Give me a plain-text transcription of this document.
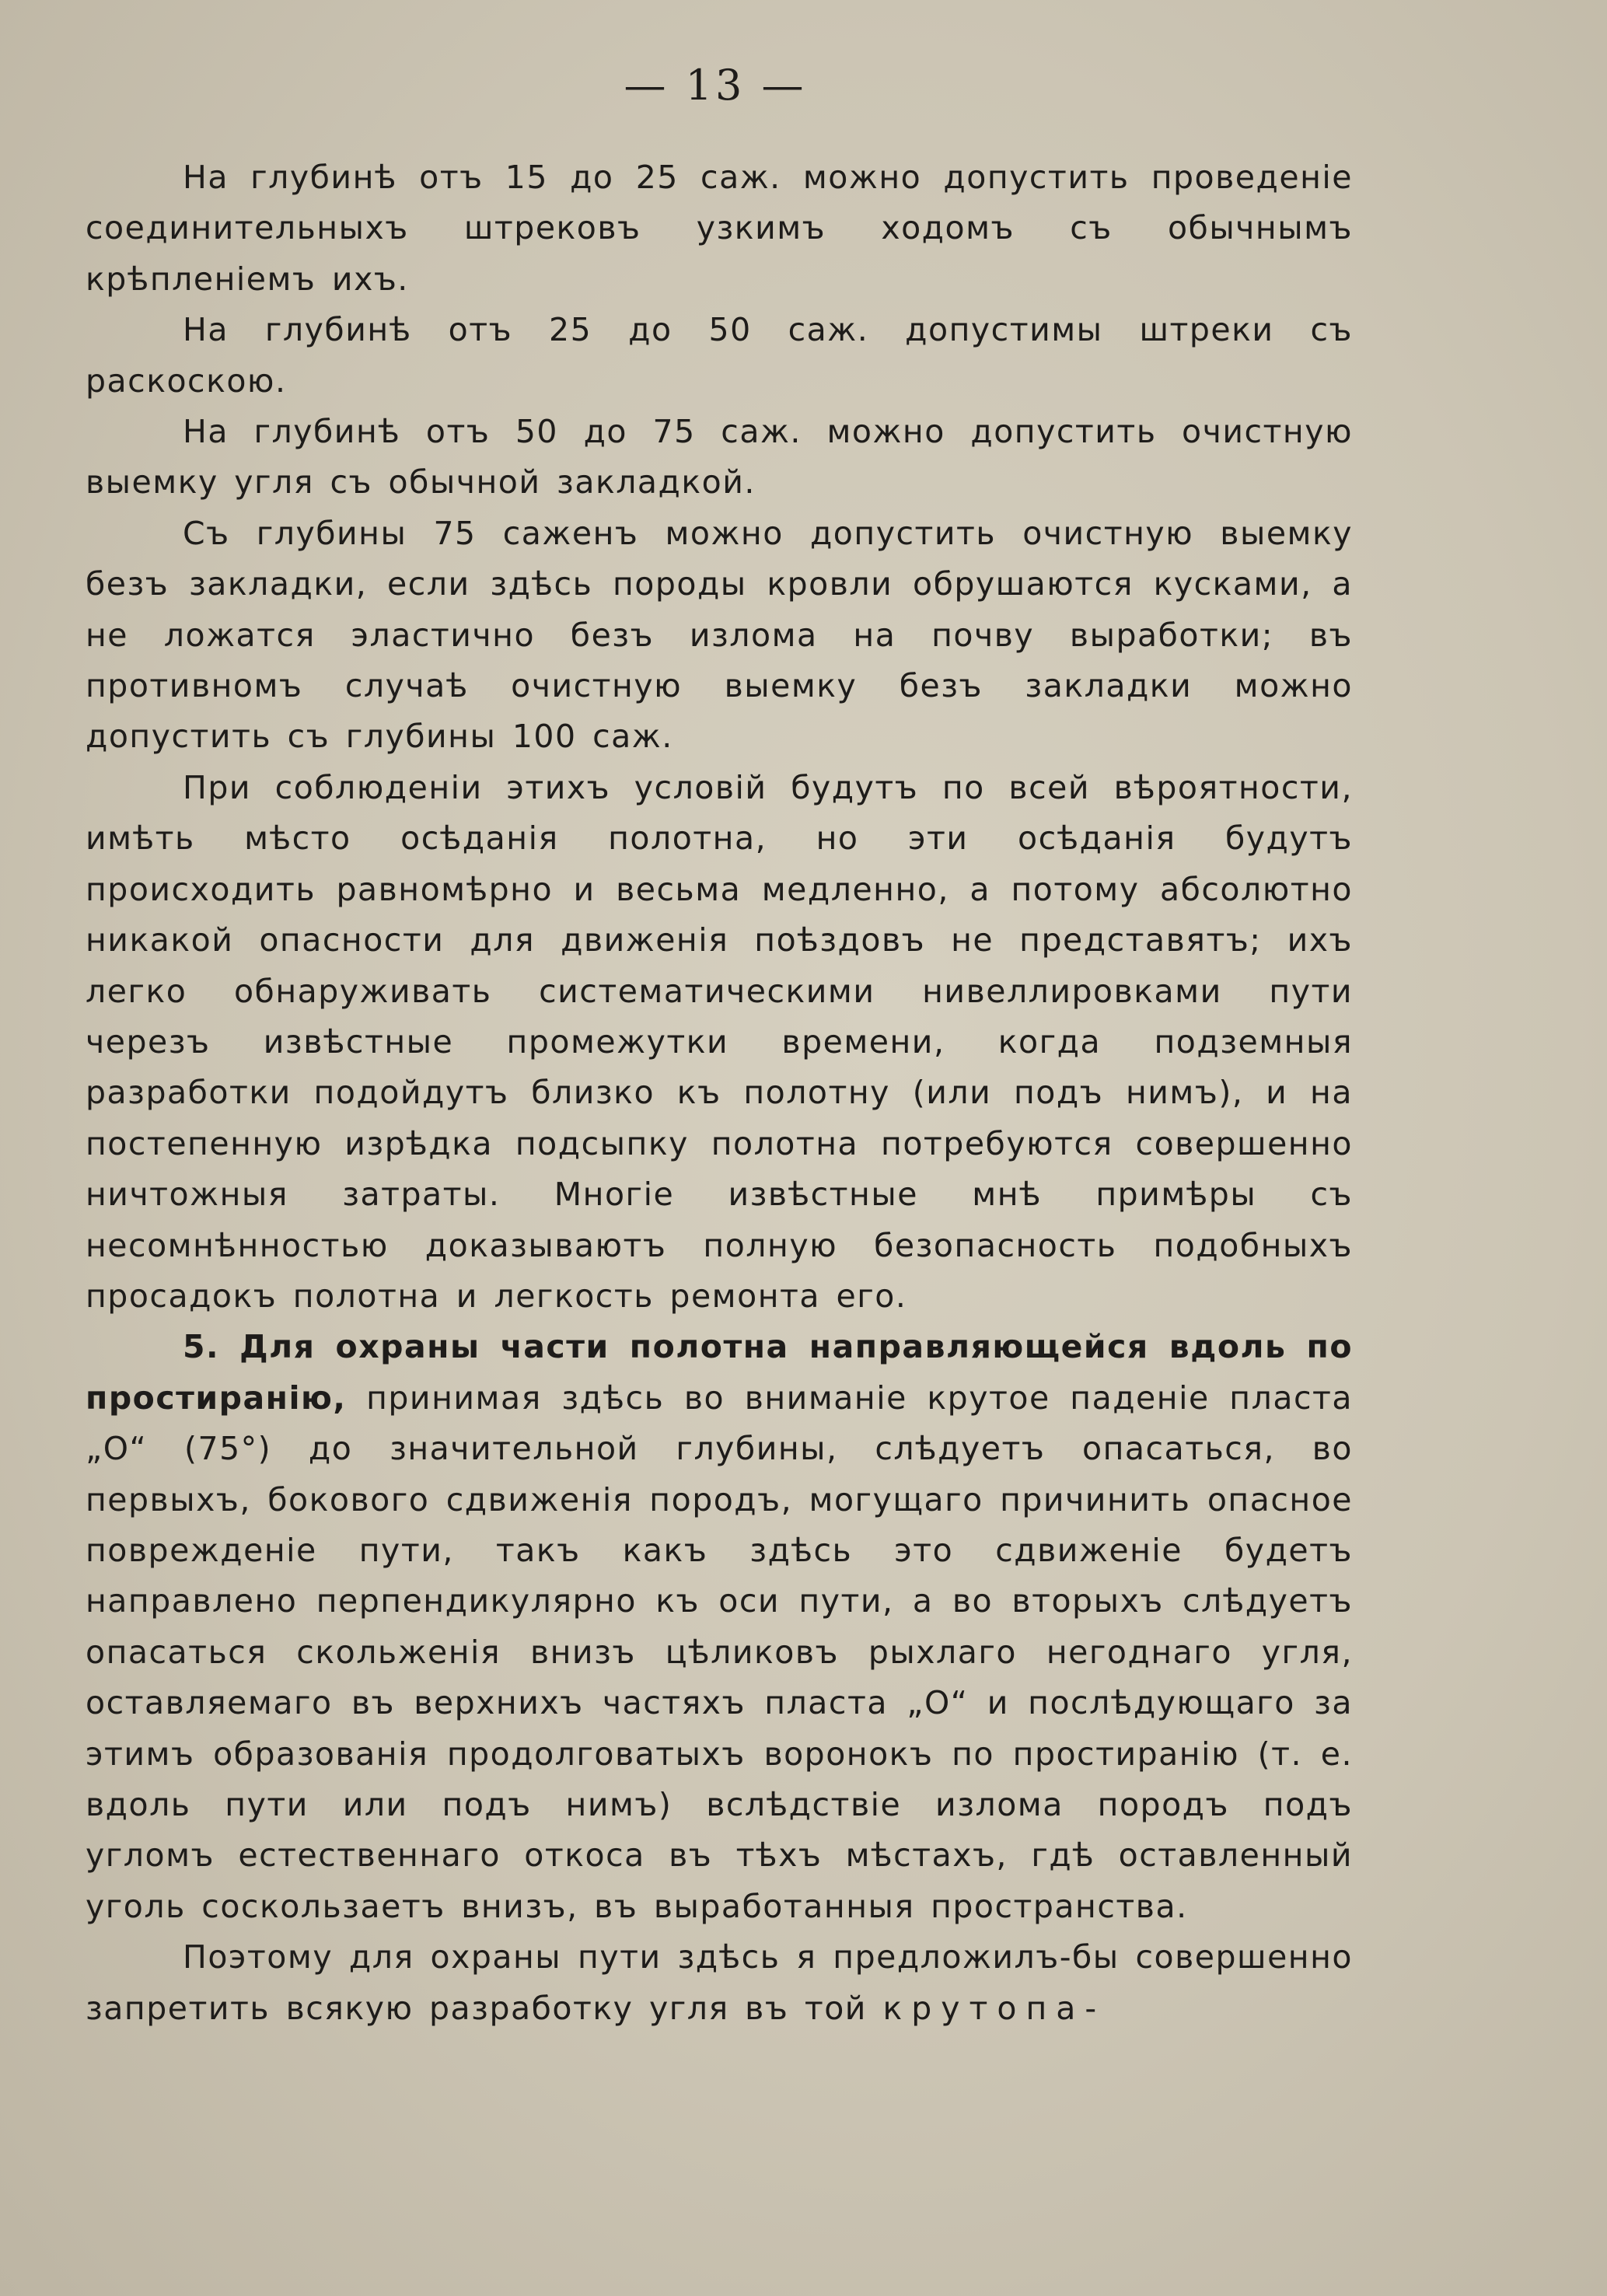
— 13 —

На глубинѣ отъ 15 до 25 саж. можно допустить проведенiе соединительныхъ штрековъ узкимъ ходомъ съ обычнымъ крѣпленiемъ ихъ.

На глубинѣ отъ 25 до 50 саж. допустимы штреки съ раскоскою.

На глубинѣ отъ 50 до 75 саж. можно допустить очистную выемку угля съ обычной закладкой.

Съ глубины 75 саженъ можно допустить очистную выемку безъ закладки, если здѣсь породы кровли обрушаются кусками, а не ложатся эластично безъ излома на почву выработки; въ противномъ случаѣ очистную выемку безъ закладки можно допустить съ глубины 100 саж.

При соблюденiи этихъ условiй будутъ по всей вѣроятности, имѣть мѣсто осѣданiя полотна, но эти осѣданiя будутъ происходить равномѣрно и весьма медленно, а потому абсолютно никакой опасности для движенiя поѣздовъ не представятъ; ихъ легко обнаруживать систематическими нивеллировками пути черезъ извѣстные промежутки времени, когда подземныя разработки подойдутъ близко къ полотну (или подъ нимъ), и на постепенную изрѣдка подсыпку полотна потребуются совершенно ничтожныя затраты. Многiе извѣстные мнѣ примѣры съ несомнѣнностью доказываютъ полную безопасность подобныхъ просадокъ полотна и легкость ремонта его.

5. Для охраны части полотна направляющейся вдоль по простиранiю, принимая здѣсь во вниманiе крутое паденiе пласта „О“ (75°) до значительной глубины, слѣдуетъ опасаться, во первыхъ, бокового сдвиженiя породъ, могущаго причинить опасное поврежденiе пути, такъ какъ здѣсь это сдвиженiе будетъ направлено перпендикулярно къ оси пути, а во вторыхъ слѣдуетъ опасаться скольженiя внизъ цѣликовъ рыхлаго негоднаго угля, оставляемаго въ верхнихъ частяхъ пласта „О“ и послѣдующаго за этимъ образованiя продолговатыхъ воронокъ по простиранiю (т. е. вдоль пути или подъ нимъ) вслѣдствiе излома породъ подъ угломъ естественнаго откоса въ тѣхъ мѣстахъ, гдѣ оставленный уголь соскользаетъ внизъ, въ выработанныя пространства.

Поэтому для охраны пути здѣсь я предложилъ-бы совершенно запретить всякую разработку угля въ той крутопа-
